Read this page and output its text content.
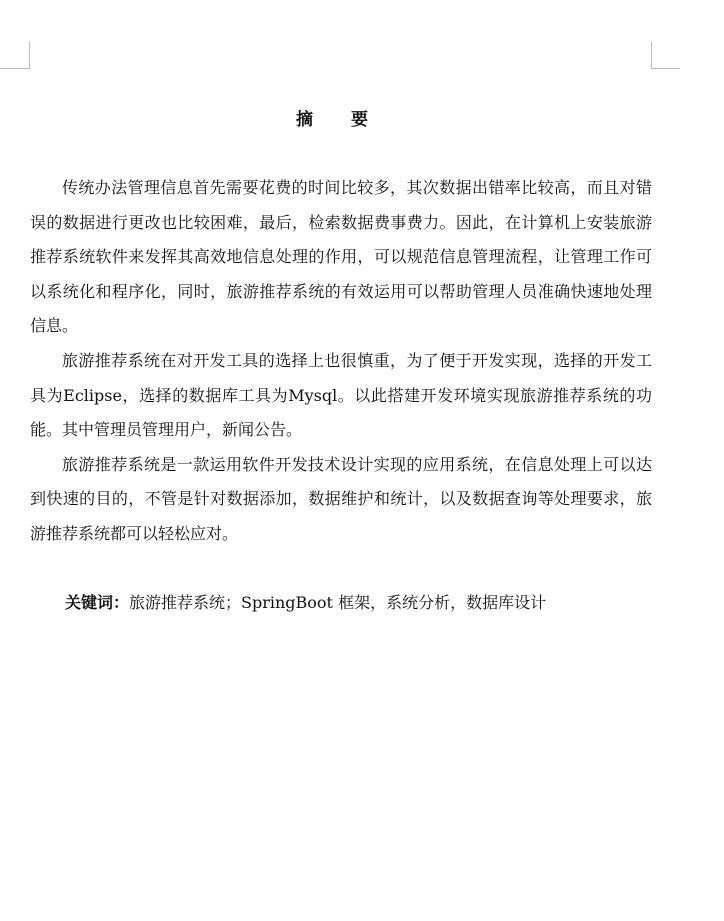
摘 要

传统办法管理信息首先需要花费的时间比较多，其次数据出错率比较高，而且对错误的数据进行更改也比较困难，最后，检索数据费事费力。因此，在计算机上安装旅游推荐系统软件来发挥其高效地信息处理的作用，可以规范信息管理流程，让管理工作可以系统化和程序化，同时，旅游推荐系统的有效运用可以帮助管理人员准确快速地处理信息。

旅游推荐系统在对开发工具的选择上也很慎重，为了便于开发实现，选择的开发工具为Eclipse，选择的数据库工具为Mysql。以此搭建开发环境实现旅游推荐系统的功能。其中管理员管理用户，新闻公告。

旅游推荐系统是一款运用软件开发技术设计实现的应用系统，在信息处理上可以达到快速的目的，不管是针对数据添加，数据维护和统计，以及数据查询等处理要求，旅游推荐系统都可以轻松应对。

关键词：旅游推荐系统；SpringBoot 框架，系统分析，数据库设计
